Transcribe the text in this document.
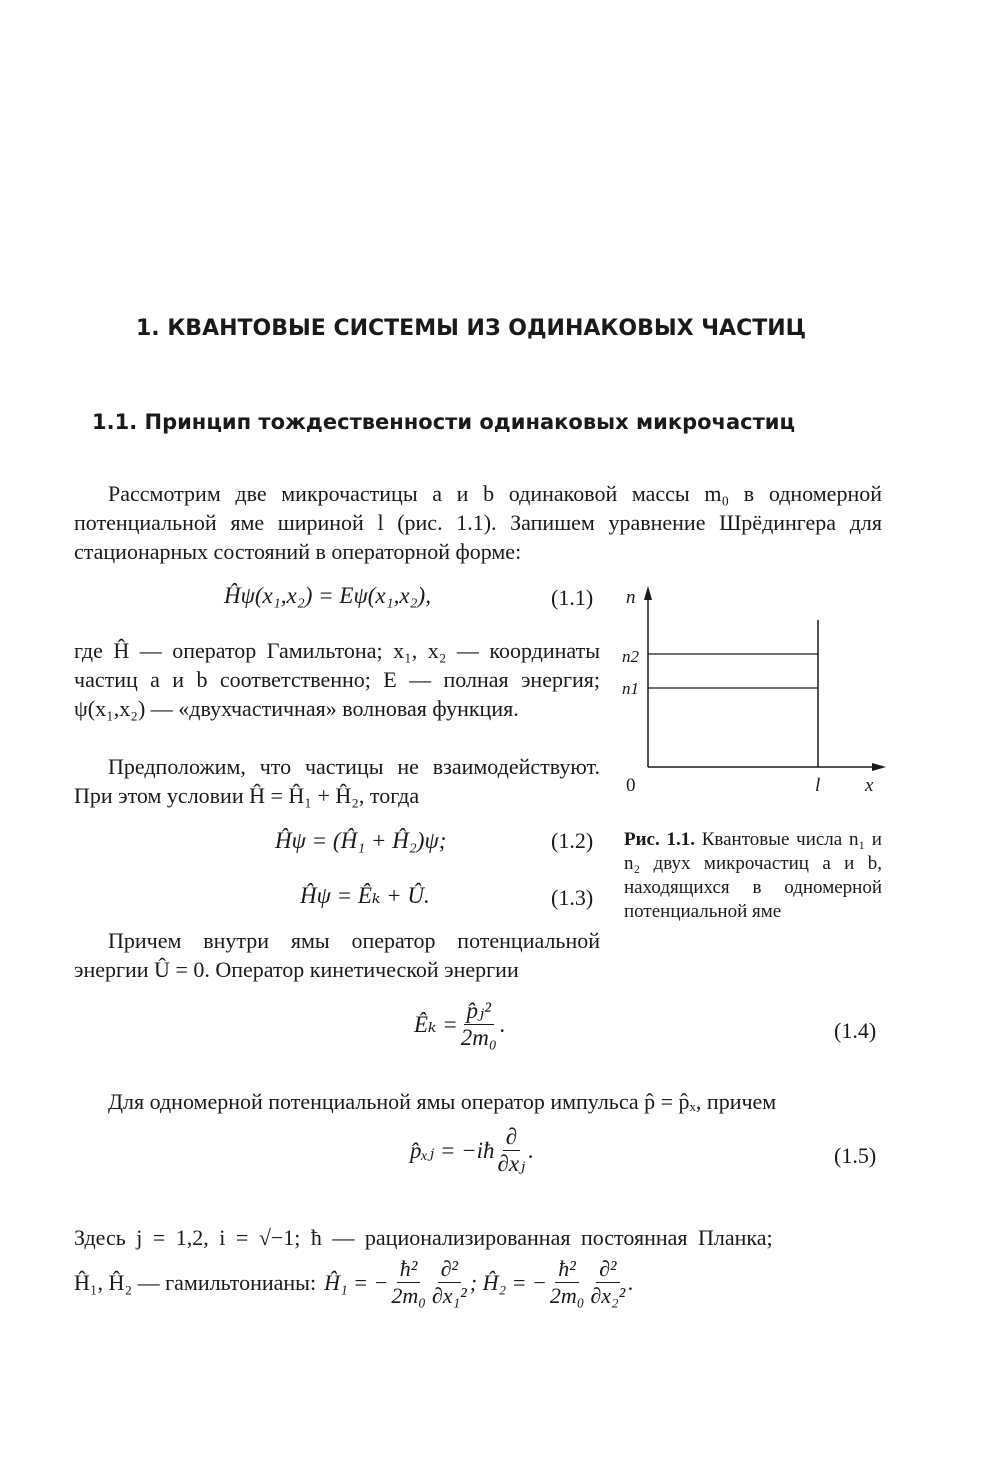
1. КВАНТОВЫЕ СИСТЕМЫ ИЗ ОДИНАКОВЫХ ЧАСТИЦ
1.1. Принцип тождественности одинаковых микрочастиц
Рассмотрим две микрочастицы a и b одинаковой массы m₀ в одномерной потенциальной яме шириной l (рис. 1.1). Запишем уравнение Шрёдингера для стационарных состояний в операторной форме:
Ĥψ(x₁,x₂) = Eψ(x₁,x₂),	(1.1)
где Ĥ — оператор Гамильтона; x₁, x₂ — координаты частиц a и b соответственно; E — полная энергия; ψ(x₁,x₂) — «двухчастичная» волновая функция.
Предположим, что частицы не взаимодействуют. При этом условии Ĥ = Ĥ₁ + Ĥ₂, тогда
Ĥψ = (Ĥ₁ + Ĥ₂)ψ;	(1.2)
Ĥψ = Êₖ + Û.	(1.3)
Причем внутри ямы оператор потенциальной энергии Û = 0. Оператор кинетической энергии
Êₖ = $\frac{\text{p̂ⱼ²}}{\text{2m₀}}$ .	(1.4)
Для одномерной потенциальной ямы оператор импульса p̂ = p̂ₓ, причем
p̂ₓⱼ = −iħ $\frac{\partial}{\text{∂xⱼ}}$ .	(1.5)
Здесь j = 1,2, i = √−1; ħ — рационализированная постоянная Планка;
Ĥ₁, Ĥ₂ — гамильтонианы: Ĥ₁ = − $\frac{\text{ħ²}}{\text{2m₀}} \frac{\text{∂²}}{\text{∂x₁²}}$ ; Ĥ₂ = − $\frac{\text{ħ²}}{\text{2m₀}} \frac{\text{∂²}}{\text{∂x₂²}}$ .
n
n2
n1
0	l x
Рис. 1.1. Квантовые числа n₁ и n₂ двух микрочастиц a и b, находящихся в одномерной потенциальной яме
